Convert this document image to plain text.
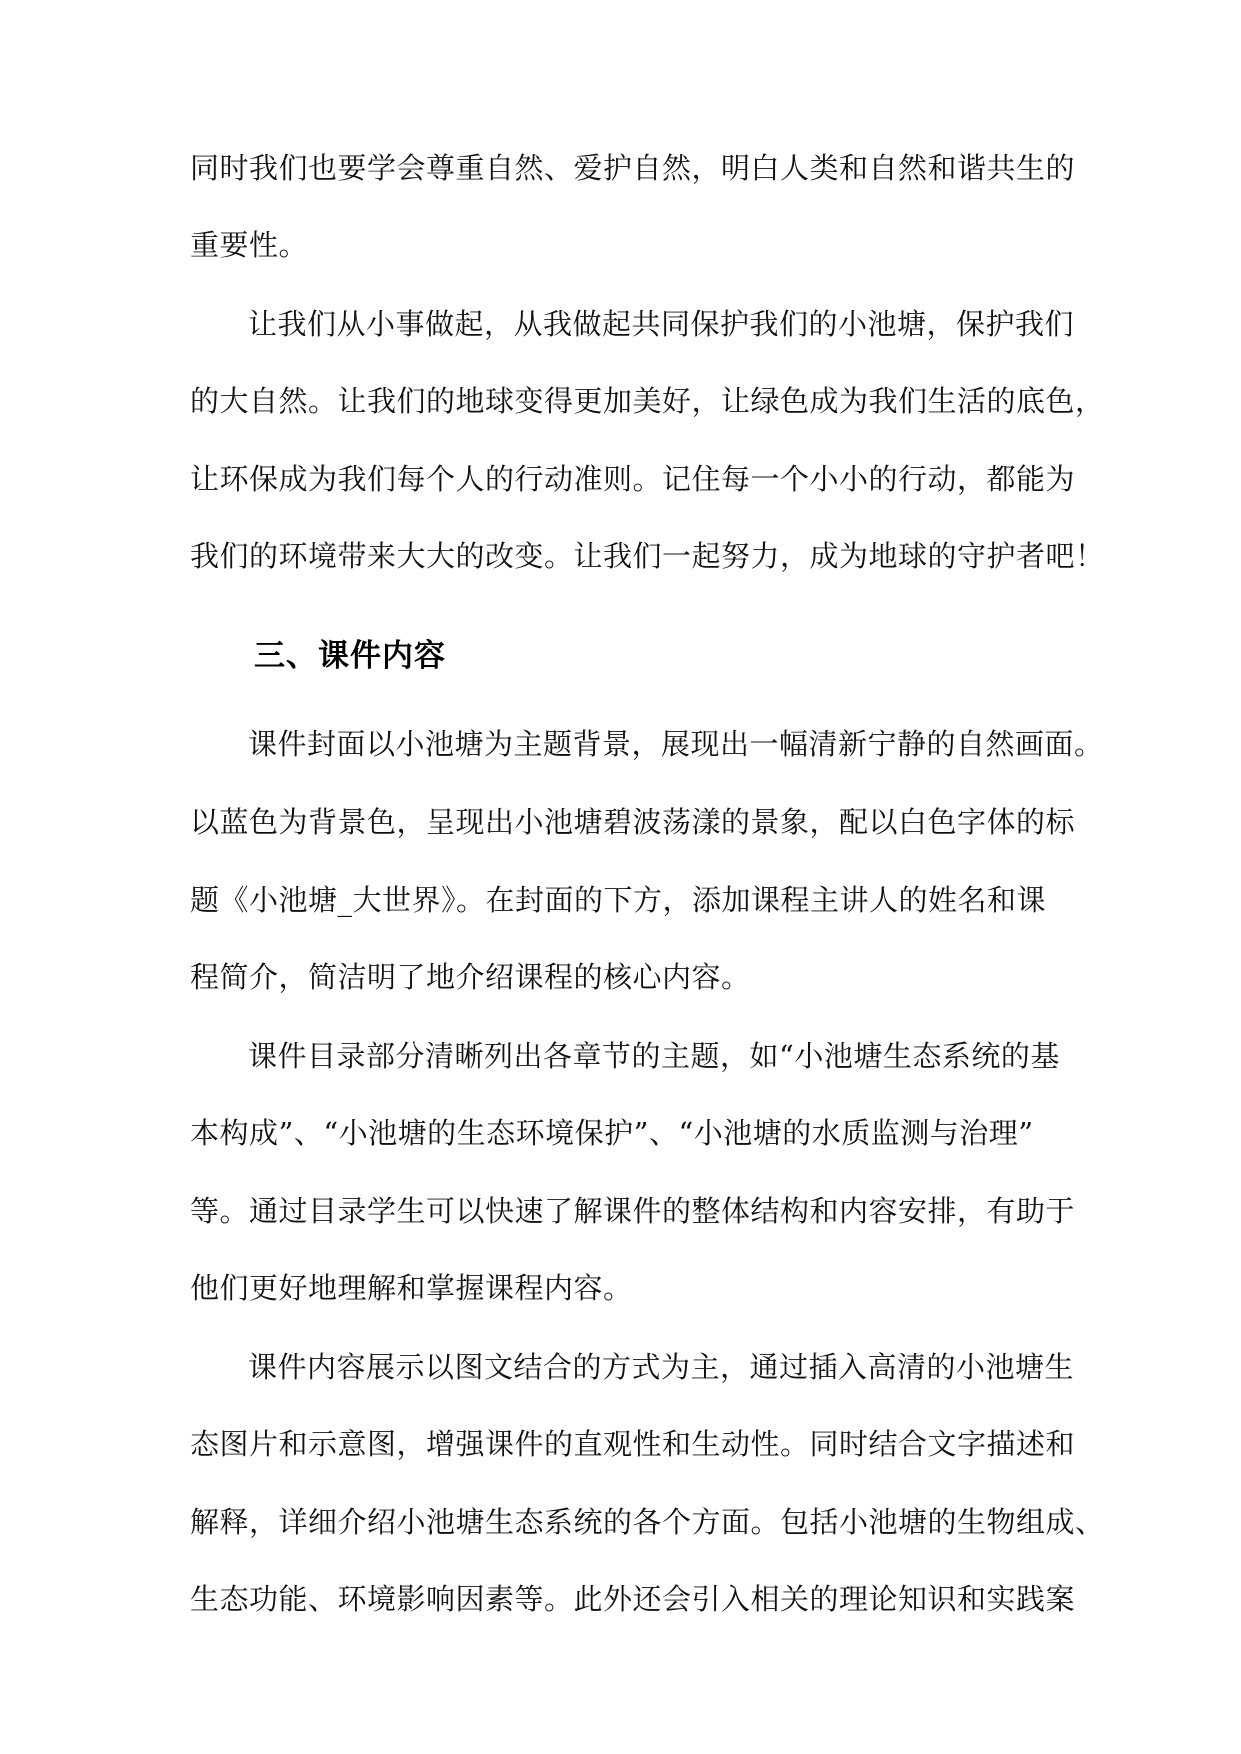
同时我们也要学会尊重自然、爱护自然，明白人类和自然和谐共生的
重要性。
让我们从小事做起，从我做起共同保护我们的小池塘，保护我们
的大自然。让我们的地球变得更加美好，让绿色成为我们生活的底色，
让环保成为我们每个人的行动准则。记住每一个小小的行动，都能为
我们的环境带来大大的改变。让我们一起努力，成为地球的守护者吧！
三、课件内容
课件封面以小池塘为主题背景，展现出一幅清新宁静的自然画面。
以蓝色为背景色，呈现出小池塘碧波荡漾的景象，配以白色字体的标
题《小池塘_大世界》。在封面的下方，添加课程主讲人的姓名和课
程简介，简洁明了地介绍课程的核心内容。
课件目录部分清晰列出各章节的主题，如“小池塘生态系统的基
本构成”、“小池塘的生态环境保护”、“小池塘的水质监测与治理”
等。通过目录学生可以快速了解课件的整体结构和内容安排，有助于
他们更好地理解和掌握课程内容。
课件内容展示以图文结合的方式为主，通过插入高清的小池塘生
态图片和示意图，增强课件的直观性和生动性。同时结合文字描述和
解释，详细介绍小池塘生态系统的各个方面。包括小池塘的生物组成、
生态功能、环境影响因素等。此外还会引入相关的理论知识和实践案
